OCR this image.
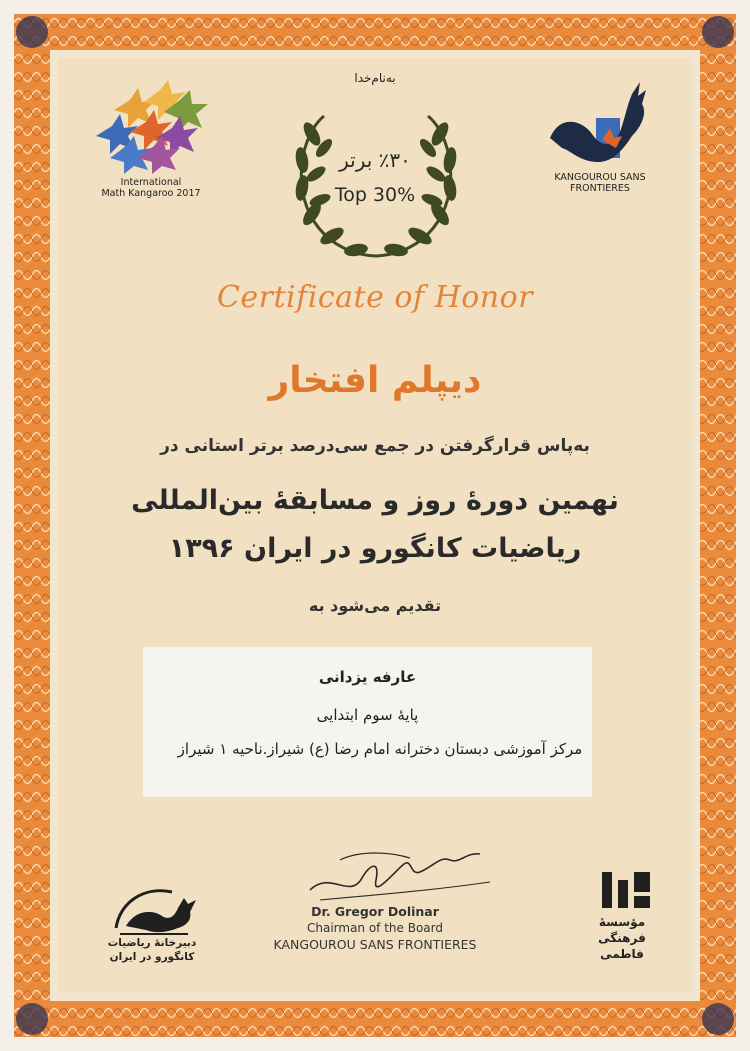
به‌نام‌خدا
International
Math Kangaroo 2017
KANGOUROU SANS
FRONTIERES
٪۳۰ برتر
Top 30%
Certificate of Honor
دیپلم افتخار
به‌پاس قرارگرفتن در جمع سی‌درصد برتر استانی در
نهمین دورۀ روز و مسابقۀ بین‌المللی
ریاضیات کانگورو در ایران ۱۳۹۶
تقدیم می‌شود به
عارفه یزدانی
پایۀ سوم ابتدایی
مرکز آموزشی دبستان دخترانه امام رضا (ع) شیراز.ناحیه ۱ شیراز
Dr. Gregor Dolinar
Chairman of the Board
KANGOUROU SANS FRONTIERES
دبیرخانۀ ریاضیات
کانگورو در ایران
مؤسسۀ
فرهنگی
فاطمی
